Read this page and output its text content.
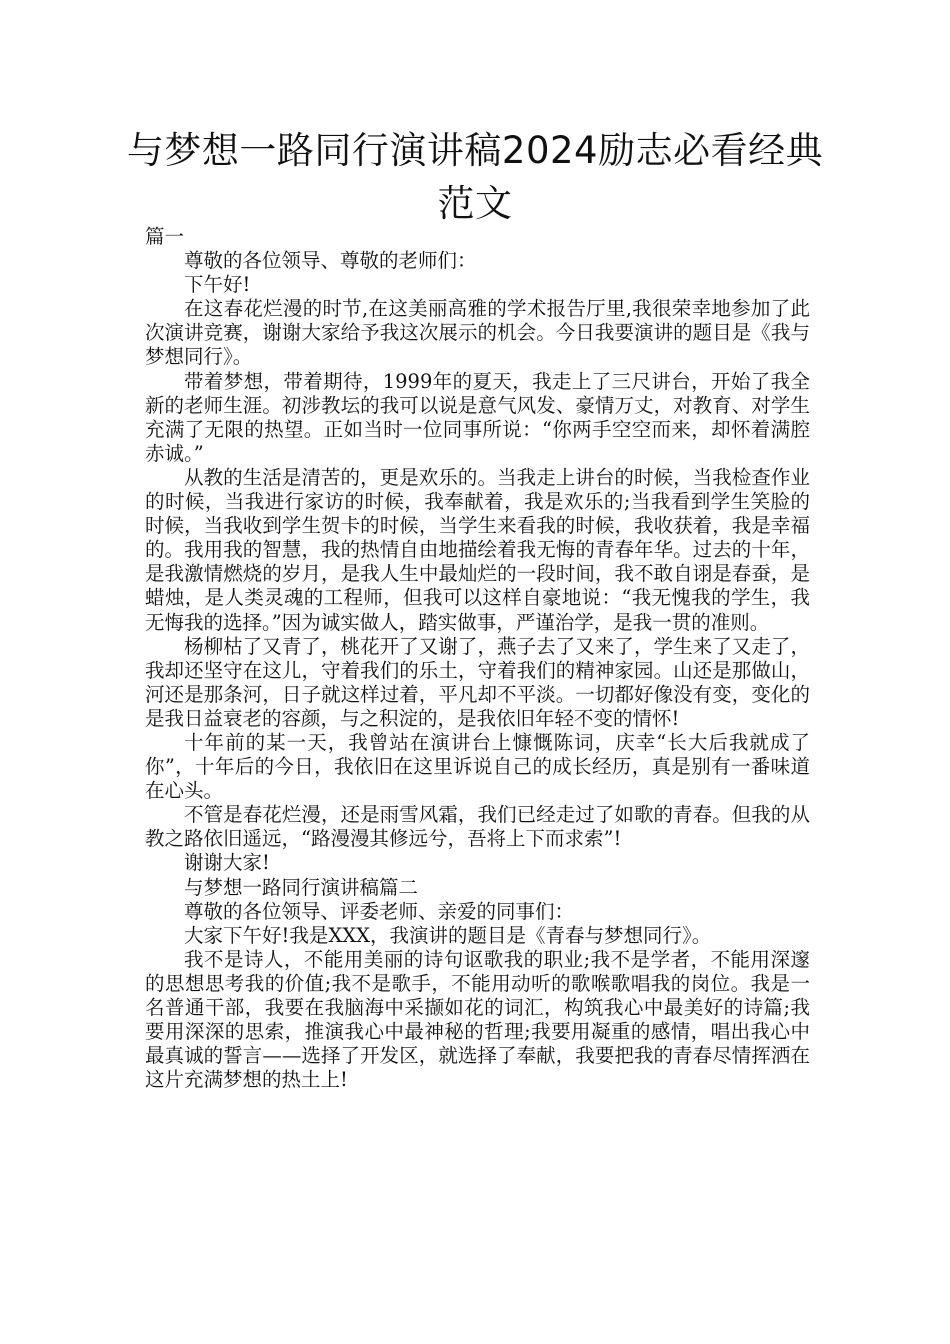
与梦想一路同行演讲稿2024励志必看经典范文

篇一

尊敬的各位领导、尊敬的老师们：

下午好!

在这春花烂漫的时节,在这美丽高雅的学术报告厅里,我很荣幸地参加了此次演讲竞赛，谢谢大家给予我这次展示的机会。今日我要演讲的题目是《我与梦想同行》。

带着梦想，带着期待，1999年的夏天，我走上了三尺讲台，开始了我全新的老师生涯。初涉教坛的我可以说是意气风发、豪情万丈，对教育、对学生充满了无限的热望。正如当时一位同事所说：“你两手空空而来，却怀着满腔赤诚。”

从教的生活是清苦的，更是欢乐的。当我走上讲台的时候，当我检查作业的时候，当我进行家访的时候，我奉献着，我是欢乐的;当我看到学生笑脸的时候，当我收到学生贺卡的时候，当学生来看我的时候，我收获着，我是幸福的。我用我的智慧，我的热情自由地描绘着我无悔的青春年华。过去的十年，是我激情燃烧的岁月，是我人生中最灿烂的一段时间，我不敢自诩是春蚕，是蜡烛，是人类灵魂的工程师，但我可以这样自豪地说：“我无愧我的学生，我无悔我的选择。”因为诚实做人，踏实做事，严谨治学，是我一贯的准则。

杨柳枯了又青了，桃花开了又谢了，燕子去了又来了，学生来了又走了，我却还坚守在这儿，守着我们的乐土，守着我们的精神家园。山还是那做山，河还是那条河，日子就这样过着，平凡却不平淡。一切都好像没有变，变化的是我日益衰老的容颜，与之积淀的，是我依旧年轻不变的情怀!

十年前的某一天，我曾站在演讲台上慷慨陈词，庆幸“长大后我就成了你”，十年后的今日，我依旧在这里诉说自己的成长经历，真是别有一番味道在心头。

不管是春花烂漫，还是雨雪风霜，我们已经走过了如歌的青春。但我的从教之路依旧遥远，“路漫漫其修远兮，吾将上下而求索”!

谢谢大家!

与梦想一路同行演讲稿篇二

尊敬的各位领导、评委老师、亲爱的同事们：

大家下午好!我是XXX，我演讲的题目是《青春与梦想同行》。

我不是诗人，不能用美丽的诗句讴歌我的职业;我不是学者，不能用深邃的思想思考我的价值;我不是歌手，不能用动听的歌喉歌唱我的岗位。我是一名普通干部，我要在我脑海中采撷如花的词汇，构筑我心中最美好的诗篇;我要用深深的思索，推演我心中最神秘的哲理;我要用凝重的感情，唱出我心中最真诚的誓言——选择了开发区，就选择了奉献，我要把我的青春尽情挥洒在这片充满梦想的热土上!
